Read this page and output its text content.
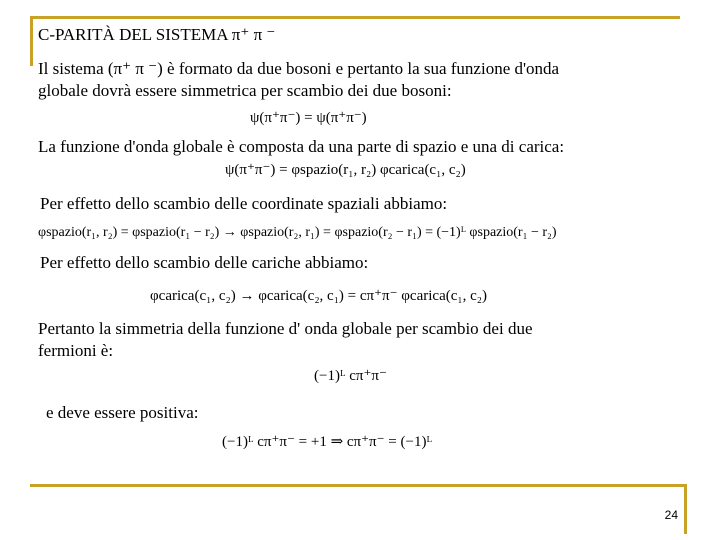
C-PARITÀ DEL SISTEMA π⁺ π ⁻
Il sistema (π⁺ π ⁻) è formato da due bosoni e pertanto la sua funzione d'onda
globale dovrà essere simmetrica per scambio dei due bosoni:
ψ(π⁺π⁻) = ψ(π⁺π⁻)
La funzione d'onda globale è composta da una parte di spazio e una di carica:
ψ(π⁺π⁻) = φspazio(r₁, r₂) φcarica(c₁, c₂)
Per effetto dello scambio delle coordinate spaziali abbiamo:
φspazio(r₁, r₂) = φspazio(r₁ − r₂) → φspazio(r₂, r₁) = φspazio(r₂ − r₁) = (−1)ᴸ φspazio(r₁ − r₂)
Per effetto dello scambio delle cariche abbiamo:
φcarica(c₁, c₂) → φcarica(c₂, c₁) = cπ⁺π⁻ φcarica(c₁, c₂)
Pertanto la simmetria della funzione d' onda globale per scambio dei due
fermioni è:
(−1)ᴸ cπ⁺π⁻
e deve essere positiva:
(−1)ᴸ cπ⁺π⁻ = +1 ⇒ cπ⁺π⁻ = (−1)ᴸ
24
